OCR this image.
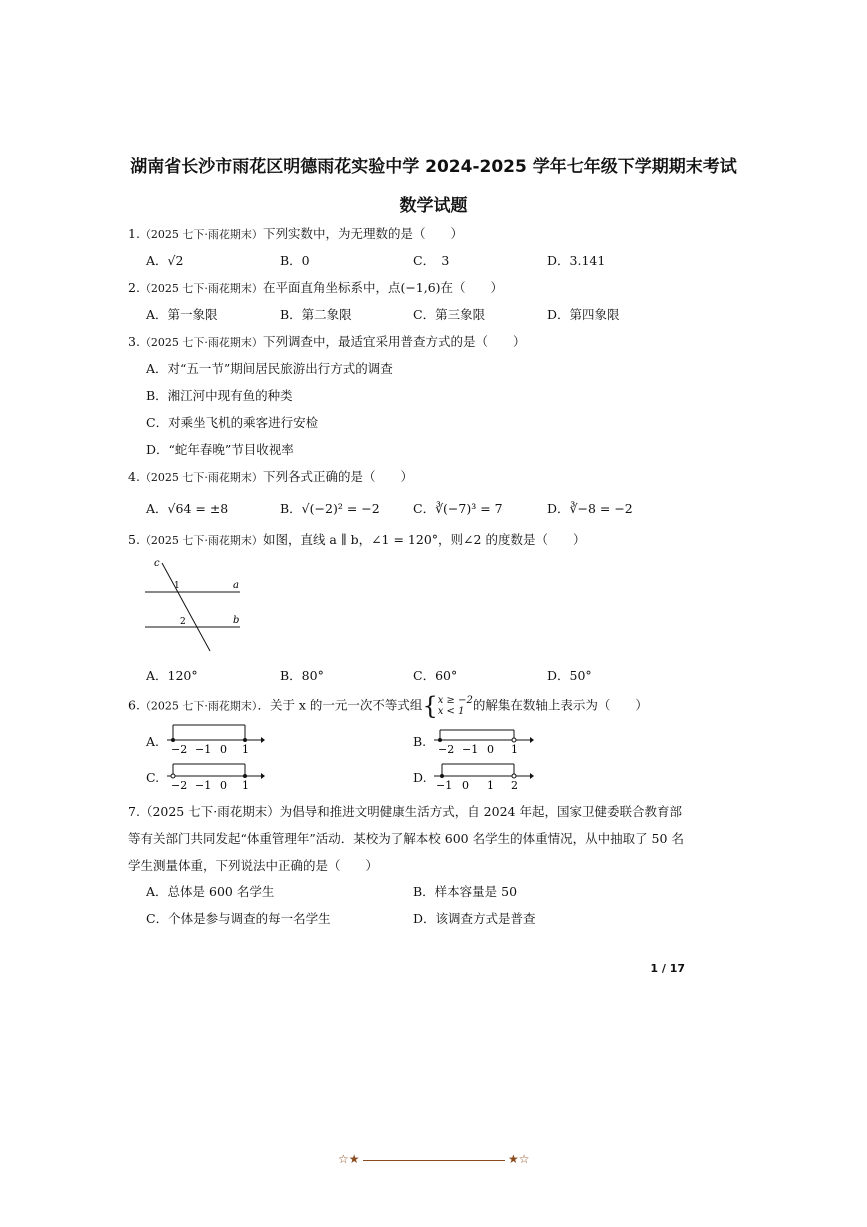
湖南省长沙市雨花区明德雨花实验中学 2024-2025 学年七年级下学期期末考试
数学试题
1.（2025 七下·雨花期末）下列实数中，为无理数的是（　　）
A．√2	B．0	C．　3	D．3.141
2.（2025 七下·雨花期末）在平面直角坐标系中，点(−1,6)在（　　）
A．第一象限	B．第二象限	C．第三象限	D．第四象限
3.（2025 七下·雨花期末）下列调查中，最适宜采用普查方式的是（　　）
A．对“五一节”期间居民旅游出行方式的调查
B．湘江河中现有鱼的种类
C．对乘坐飞机的乘客进行安检
D．“蛇年春晚”节目收视率
4.（2025 七下·雨花期末）下列各式正确的是（　　）
A．√64 = ±8	B．√(−2)² = −2	C．∛(−7)³ = 7	D．∛−8 = −2
5.（2025 七下·雨花期末）如图，直线 a ∥ b，∠1 = 120°，则∠2 的度数是（　　）
c
a
b
1
2
A．120°	B．80°	C．60°	D．50°
6.（2025 七下·雨花期末）．关于 x 的一元一次不等式组{x ≥ −2
x < 1 的解集在数轴上表示为（　　）
A.
−2 −1 0 1
B.
−2 −1 0 1
C.
−2 −1 0 1
D.
−1 0 1 2
7.（2025 七下·雨花期末）为倡导和推进文明健康生活方式，自 2024 年起，国家卫健委联合教育部等有关部门共同发起“体重管理年”活动．某校为了解本校 600 名学生的体重情况，从中抽取了 50 名学生测量体重，下列说法中正确的是（　　）
A．总体是 600 名学生	B．样本容量是 50
C．个体是参与调查的每一名学生	D．该调查方式是普查
1 / 17
☆★	★☆
